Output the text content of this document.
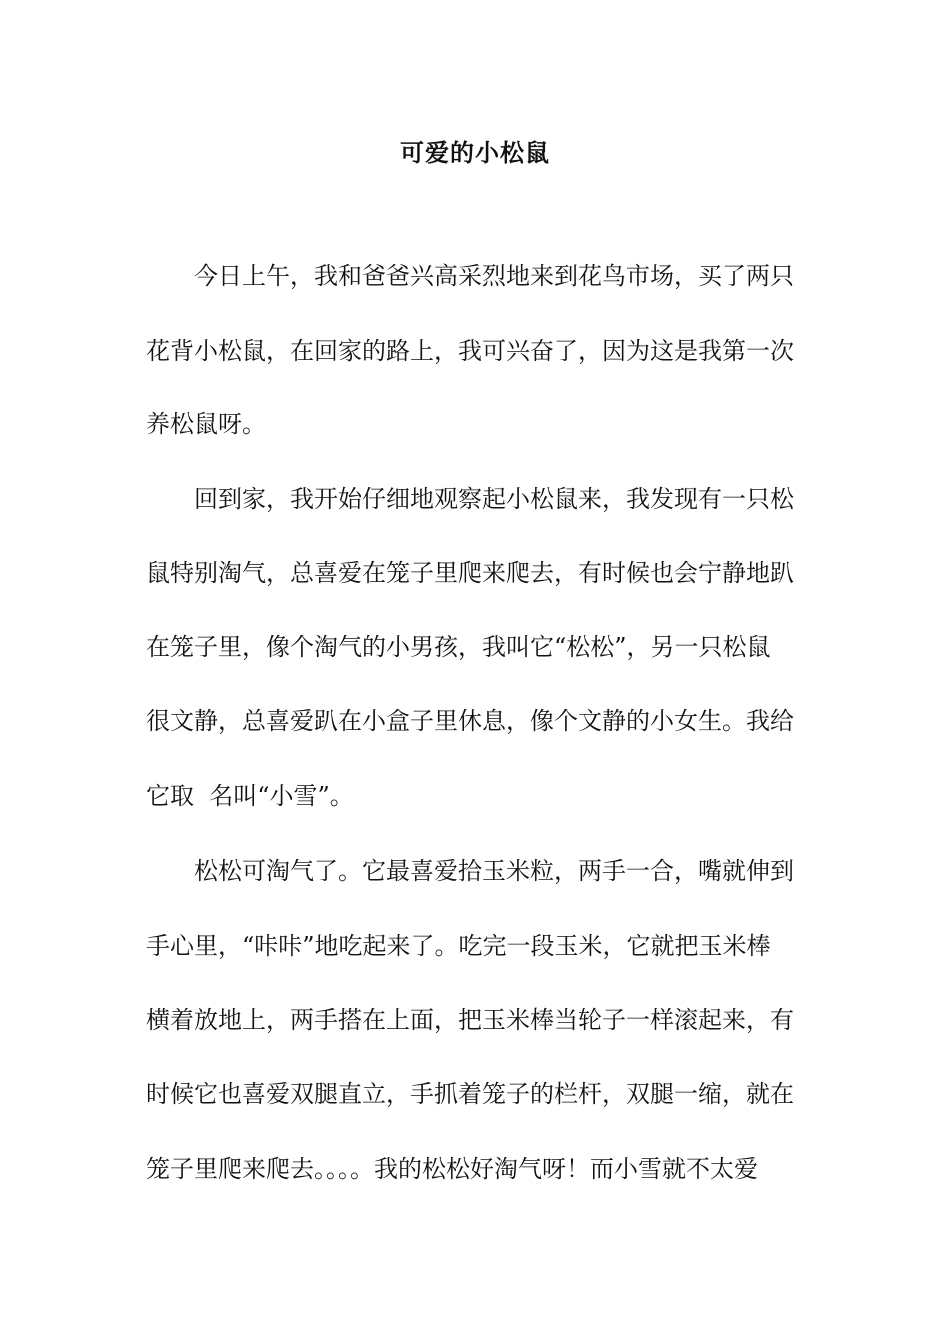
可爱的小松鼠

今日上午，我和爸爸兴高采烈地来到花鸟市场，买了两只

花背小松鼠，在回家的路上，我可兴奋了，因为这是我第一次

养松鼠呀。

回到家，我开始仔细地观察起小松鼠来，我发现有一只松

鼠特别淘气，总喜爱在笼子里爬来爬去，有时候也会宁静地趴

在笼子里，像个淘气的小男孩，我叫它“松松”，另一只松鼠

很文静，总喜爱趴在小盒子里休息，像个文静的小女生。我给

它取  名叫“小雪”。

松松可淘气了。它最喜爱拾玉米粒，两手一合，嘴就伸到

手心里，“咔咔”地吃起来了。吃完一段玉米，它就把玉米棒

横着放地上，两手搭在上面，把玉米棒当轮子一样滚起来，有

时候它也喜爱双腿直立，手抓着笼子的栏杆，双腿一缩，就在

笼子里爬来爬去。。。。我的松松好淘气呀！而小雪就不太爱
